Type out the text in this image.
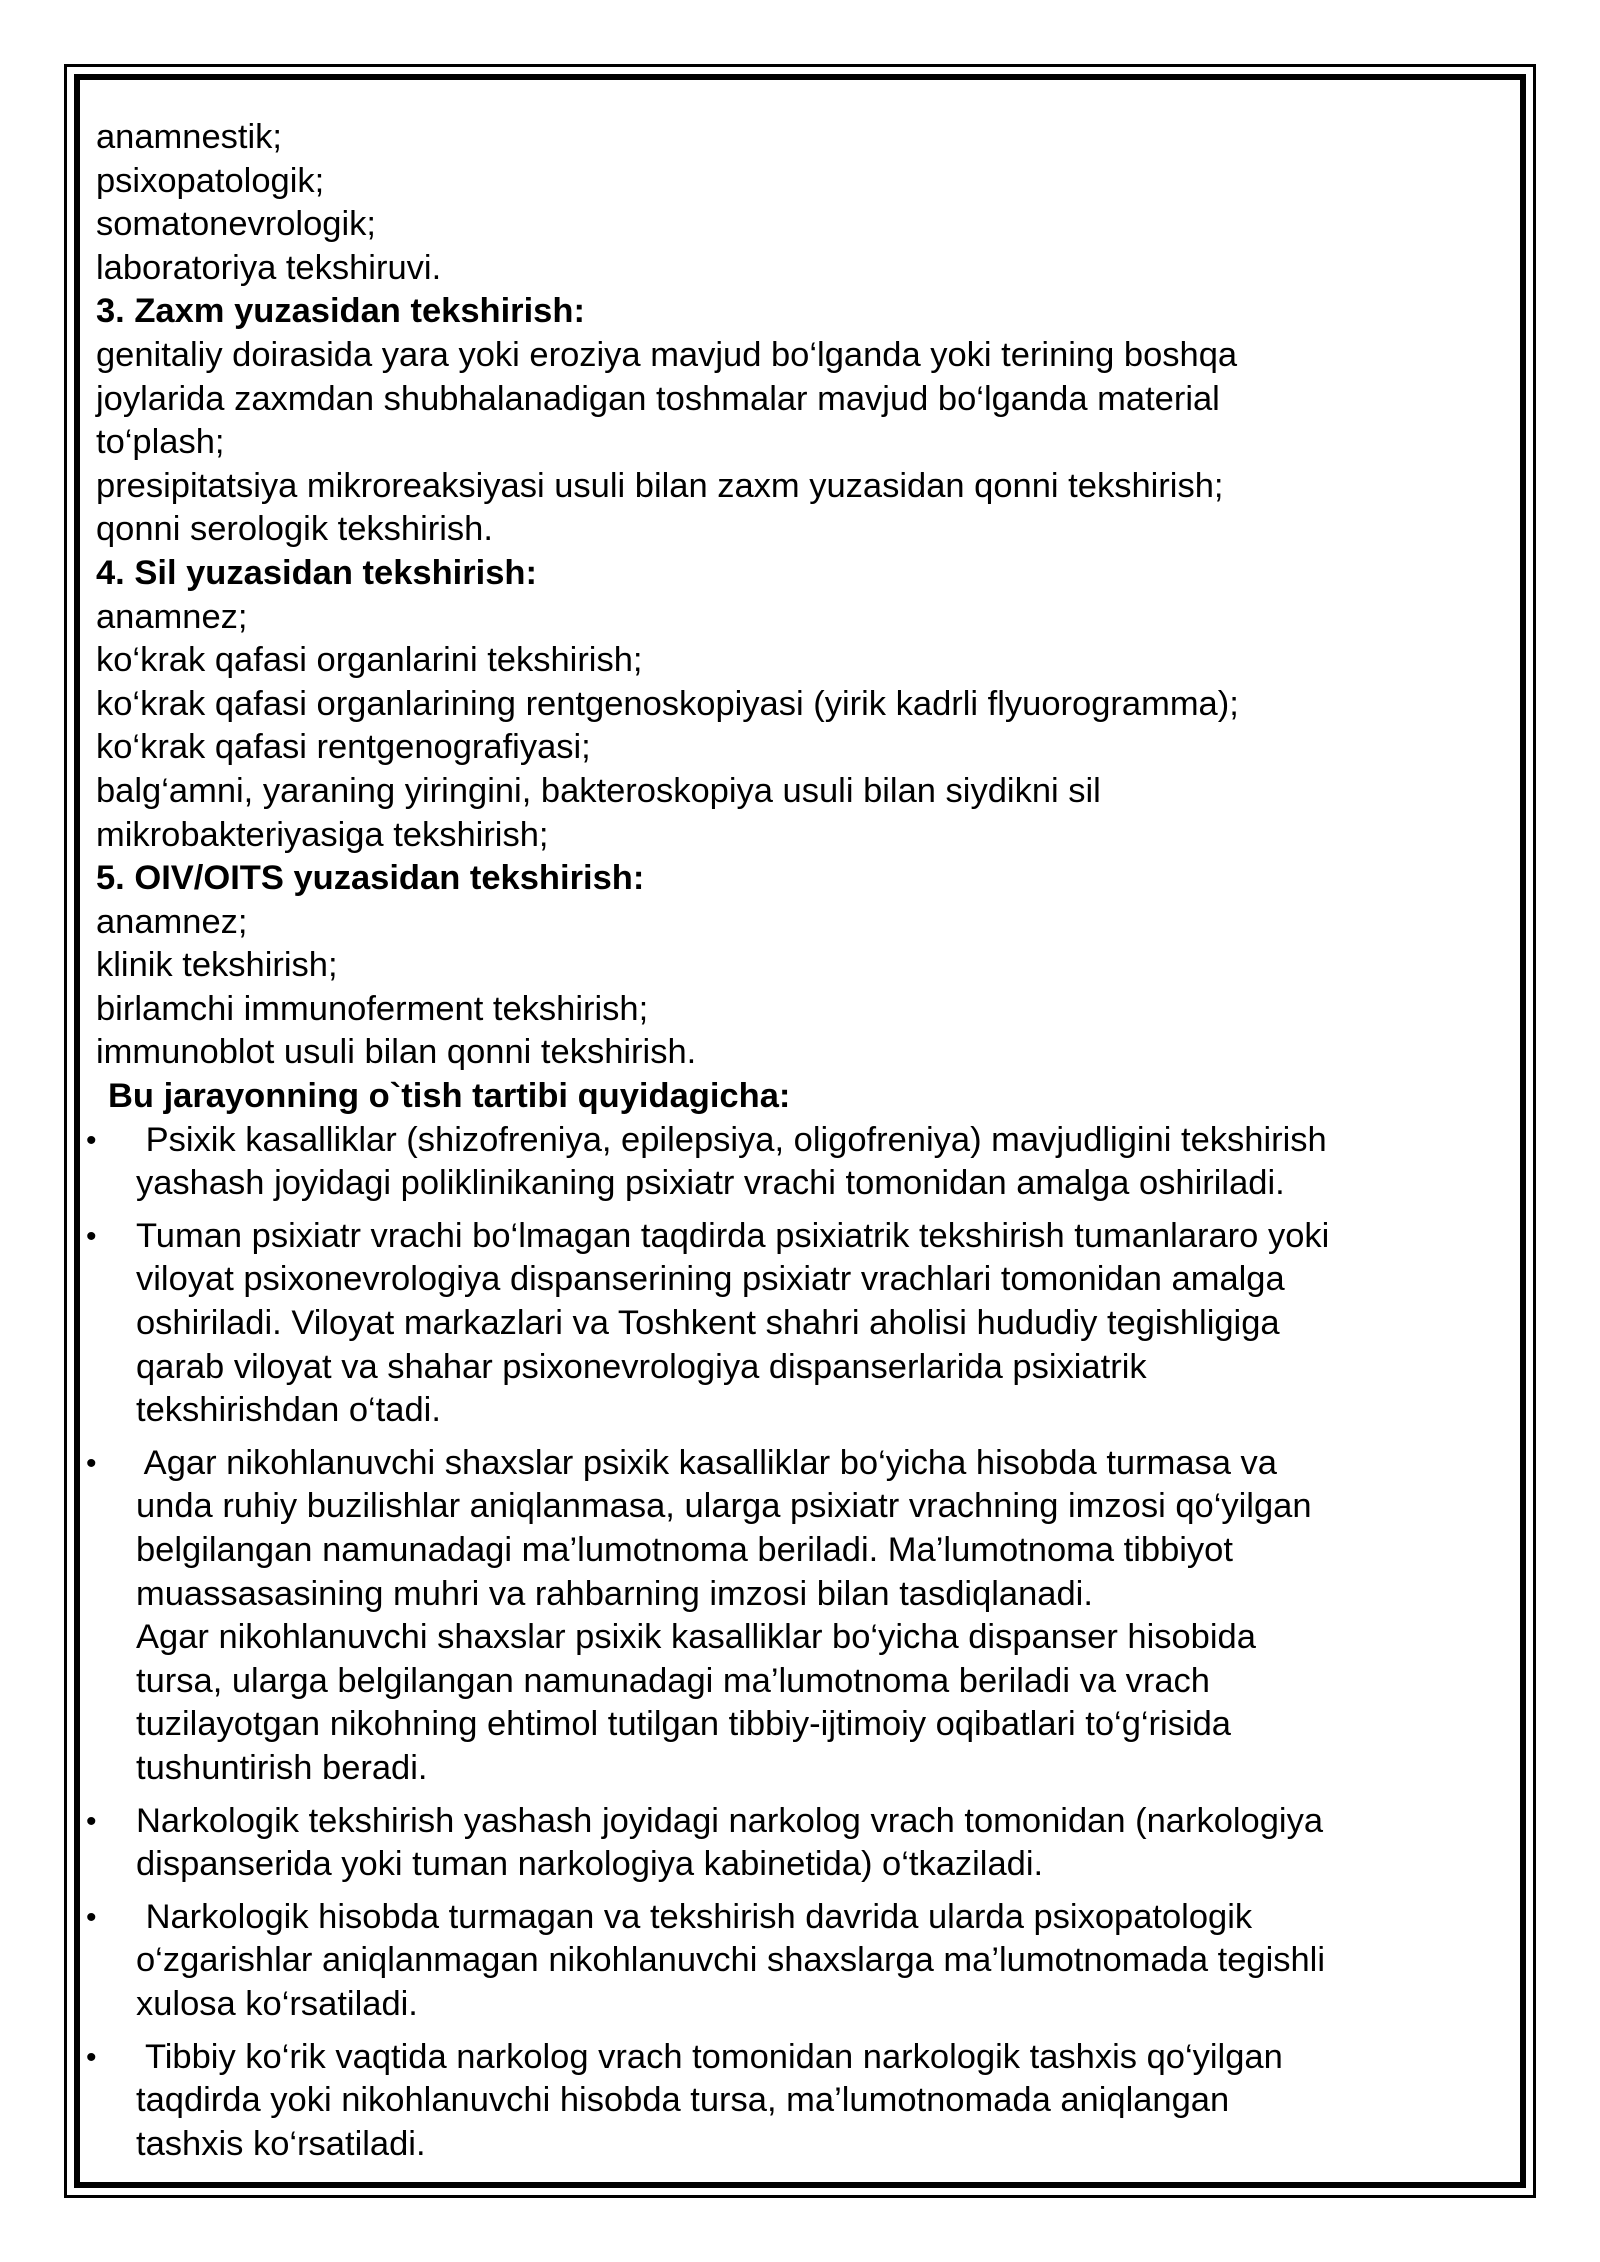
anamnestik;
psixopatologik;
somatonevrologik;
laboratoriya tekshiruvi.
3. Zaxm yuzasidan tekshirish:
genitaliy doirasida yara yoki eroziya mavjud bo‘lganda yoki terining boshqa
joylarida zaxmdan shubhalanadigan toshmalar mavjud bo‘lganda material
to‘plash;
presipitatsiya mikroreaksiyasi usuli bilan zaxm yuzasidan qonni tekshirish;
qonni serologik tekshirish.
4. Sil yuzasidan tekshirish:
anamnez;
ko‘krak qafasi organlarini tekshirish;
ko‘krak qafasi organlarining rentgenoskopiyasi (yirik kadrli flyuorogramma);
ko‘krak qafasi rentgenografiyasi;
balg‘amni, yaraning yiringini, bakteroskopiya usuli bilan siydikni sil
mikrobakteriyasiga tekshirish;
5. OIV/OITS yuzasidan tekshirish:
anamnez;
klinik tekshirish;
birlamchi immunoferment tekshirish;
immunoblot usuli bilan qonni tekshirish.
Bu jarayonning o`tish tartibi quyidagicha:
• Psixik kasalliklar (shizofreniya, epilepsiya, oligofreniya) mavjudligini tekshirish
yashash joyidagi poliklinikaning psixiatr vrachi tomonidan amalga oshiriladi.
• Tuman psixiatr vrachi bo‘lmagan taqdirda psixiatrik tekshirish tumanlararo yoki
viloyat psixonevrologiya dispanserining psixiatr vrachlari tomonidan amalga
oshiriladi. Viloyat markazlari va Toshkent shahri aholisi hududiy tegishligiga
qarab viloyat va shahar psixonevrologiya dispanserlarida psixiatrik
tekshirishdan o‘tadi.
• Agar nikohlanuvchi shaxslar psixik kasalliklar bo‘yicha hisobda turmasa va
unda ruhiy buzilishlar aniqlanmasa, ularga psixiatr vrachning imzosi qo‘yilgan
belgilangan namunadagi ma’lumotnoma beriladi. Ma’lumotnoma tibbiyot
muassasasining muhri va rahbarning imzosi bilan tasdiqlanadi.
Agar nikohlanuvchi shaxslar psixik kasalliklar bo‘yicha dispanser hisobida
tursa, ularga belgilangan namunadagi ma’lumotnoma beriladi va vrach
tuzilayotgan nikohning ehtimol tutilgan tibbiy-ijtimoiy oqibatlari to‘g‘risida
tushuntirish beradi.
• Narkologik tekshirish yashash joyidagi narkolog vrach tomonidan (narkologiya
dispanserida yoki tuman narkologiya kabinetida) o‘tkaziladi.
• Narkologik hisobda turmagan va tekshirish davrida ularda psixopatologik
o‘zgarishlar aniqlanmagan nikohlanuvchi shaxslarga ma’lumotnomada tegishli
xulosa ko‘rsatiladi.
• Tibbiy ko‘rik vaqtida narkolog vrach tomonidan narkologik tashxis qo‘yilgan
taqdirda yoki nikohlanuvchi hisobda tursa, ma’lumotnomada aniqlangan
tashxis ko‘rsatiladi.
